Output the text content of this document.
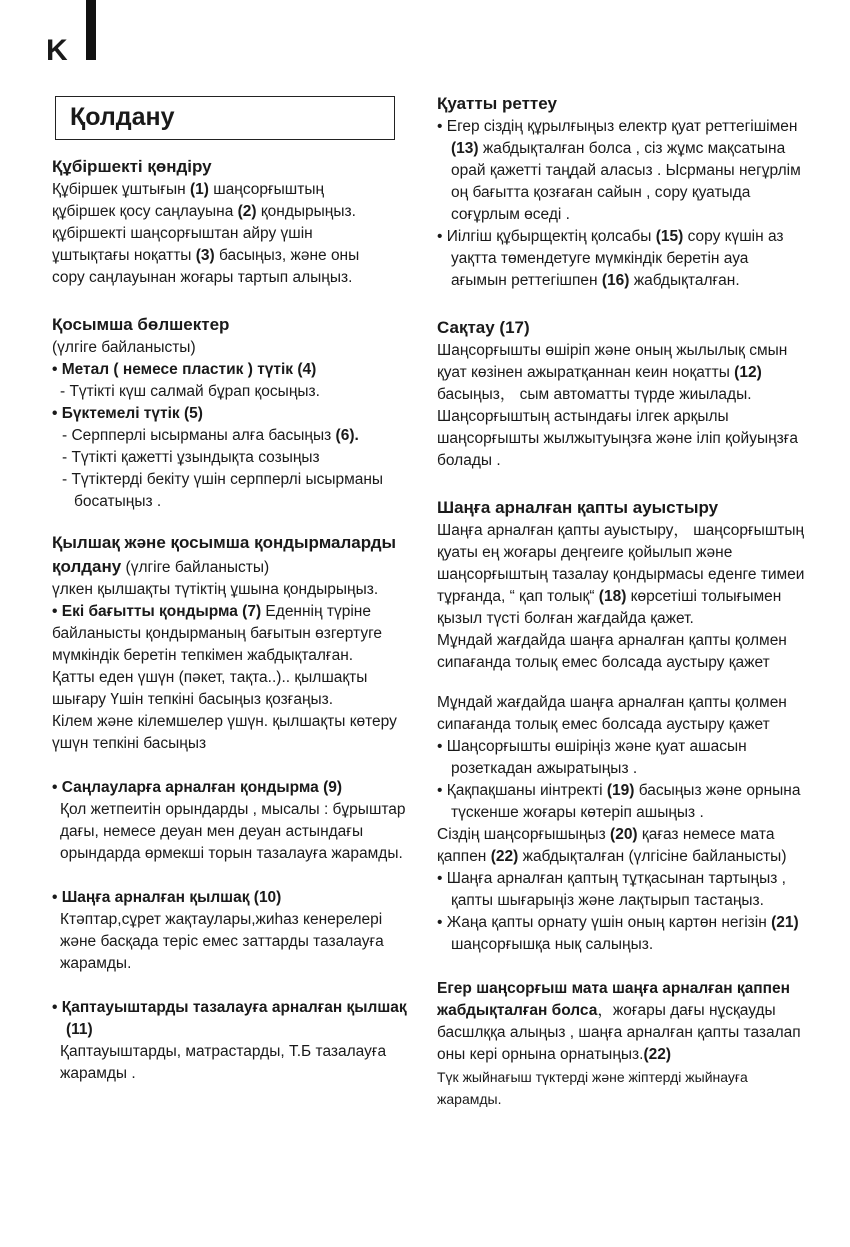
K
Қолдану

Құбіршекті қөндіру

Құбіршек ұштығын (1) шаңсорғыштың

құбіршек қосу саңлауына (2) қондырыңыз.

құбіршекті шаңсорғыштан айру үшін

ұштықтағы ноқатты (3) басыңыз, және оны

сору саңлауынан жоғары тартып алыңыз.

Қосымша бөлшектер

(үлгіге байланысты)

• Метал ( немесе пластик ) түтік (4)

- Түтікті күш салмай бұрап қосыңыз.

• Бүктемелі түтік (5)

- Серпперлі ысырманы алға басыңыз (6).

- Түтікті қажетті ұзындықта созыңыз

- Түтіктерді бекіту үшін серпперлі ысырманы босатыңыз .

Қылшақ және қосымша қондырмаларды қолдану (үлгіге байланысты)

үлкен қылшақты түтіктің ұшына қондырыңыз.

• Екі бағытты қондырма (7) Еденнің түріне байланысты қондырманың бағытын өзгертуге мүмкіндік беретін тепкімен жабдықталған.

Қатты еден үшүн (пәкет, тақта..).. қылшақты шығару Үшін тепкіні басыңыз қозғаңыз.

Кілем және кілемшелер үшүн. қылшақты көтеру үшүн тепкіні басыңыз

• Саңлауларға арналған қондырма (9)

Қол жетпеитін орындарды , мысалы : бұрыштар дағы, немесе деуан мен деуан астындағы орындарда өрмекші торын тазалауға жарамды.

• Шаңға арналған қылшақ (10)

Ктәптар,сұрет жақтаулары,жиһаз кенерелері және басқада теріс емес заттарды тазалауға жарамды.

• Қаптауыштарды тазалауға арналған қылшақ (11)

Қаптауыштарды, матрастарды, Т.Б тазалауға жарамды .

Қуатты реттеу

• Егер сіздің құрылғыңыз електр қуат реттегішімен (13) жабдықталған болса , сіз жұмс мақсатына орай қажетті таңдай аласыз . Ысрманы негұрлім оң бағытта қозғаған сайын , сору қуатыда соғұрлым өседі .

• Иілгіш құбырщектің қолсабы (15) сору күшін аз уақтта төмендетуге мүмкіндік беретін ауа ағымын реттегішпен (16) жабдықталған.

Сақтау (17)

Шаңсорғышты өшіріп және оның жылылық смын қуат көзінен ажыратқаннан кеин ноқатты (12) басыңыз， сым автоматты түрде жиылады. Шаңсорғыштың астындағы ілгек арқылы шаңсорғышты жылжытуыңзға және іліп қойуыңзға болады .

Шаңға арналған қапты ауыстыру

Шаңға арналған қапты ауыстыру， шаңсорғыштың қуаты ең жоғары деңгеиге қойылып және шаңсорғыштың тазалау қондырмасы еденге тимеи тұрғанда, “ қап толық“ (18) көрсетіші толығымен қызыл түсті болған жағдайда қажет.

Мұндай жағдайда шаңға арналған қапты қолмен сипағанда толық емес болсада аустыру қажет

Мұндай жағдайда шаңға арналған қапты қолмен сипағанда толық емес болсада аустыру қажет

• Шаңсорғышты өшіріңіз және қуат ашасын розеткадан ажыратыңыз .

• Қақпақшаны иінтректі (19) басыңыз және орнына түскенше жоғары көтеріп ашыңыз .

Сіздің шаңсорғышыңыз (20) қағаз немесе мата қаппен (22) жабдықталған (үлгісіне байланысты)

• Шаңға арналған қаптың тұтқасынан тартыңыз , қапты шығарыңіз және лақтырып тастаңыз.

• Жаңа қапты орнату үшін оның картөн негізін (21) шаңсорғышқа нық салыңыз.

Егер шаңсорғыш мата шаңға арналған қаппен жабдықталған болса，жоғары дағы нұсқауды басшлққа алыңыз , шаңға арналған қапты тазалап оны кері орнына орнатыңыз.(22)

Түк жыйнағыш түктерді және жіптерді жыйнауға жарамды.
